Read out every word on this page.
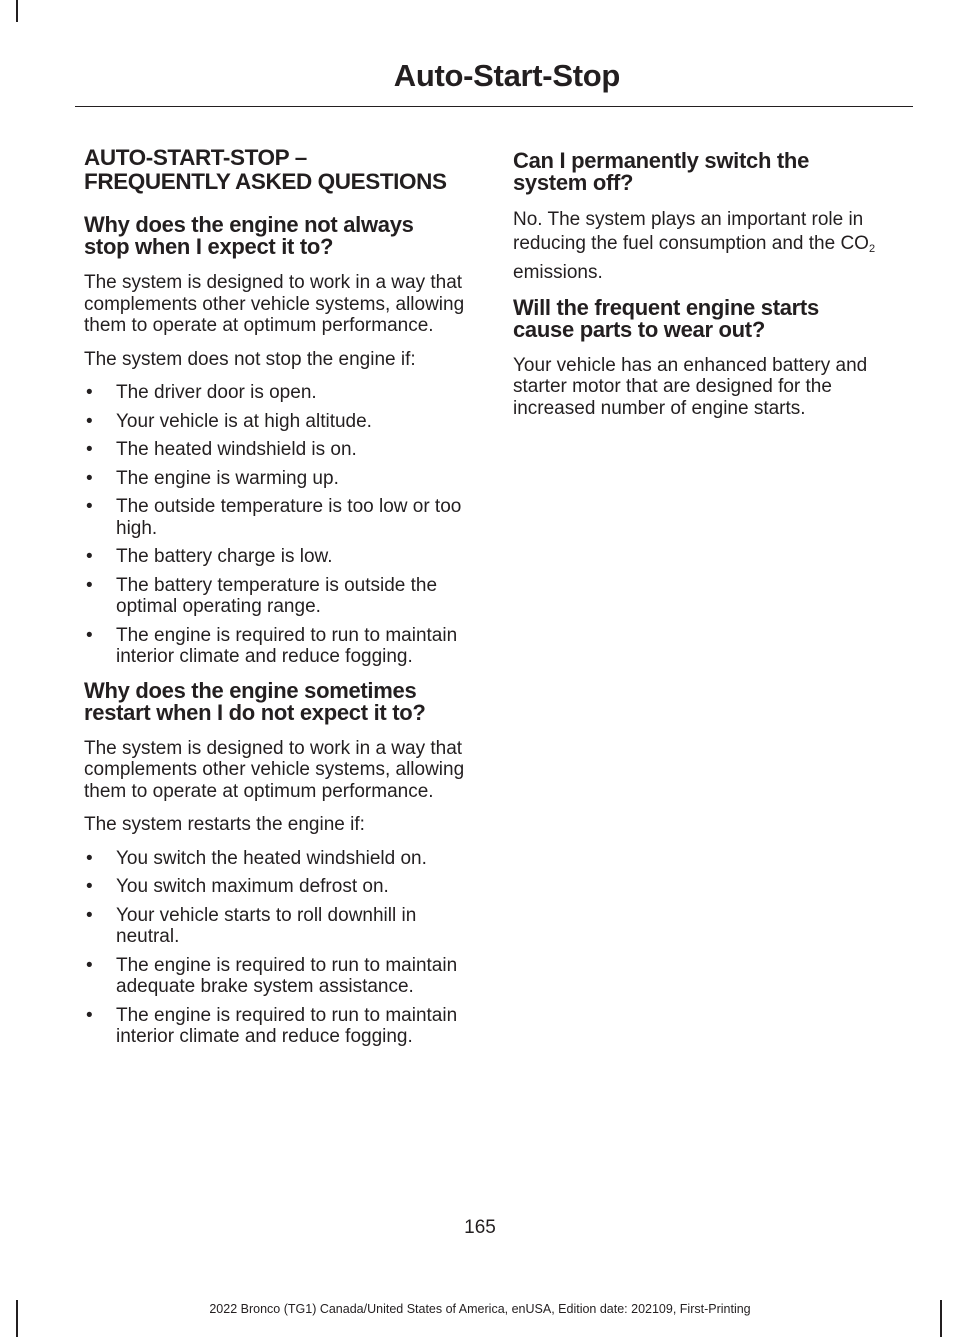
Auto-Start-Stop
AUTO-START-STOP –
FREQUENTLY ASKED QUESTIONS
Why does the engine not always
stop when I expect it to?

The system is designed to work in a way that complements other vehicle systems, allowing them to operate at optimum performance.

The system does not stop the engine if:

• The driver door is open.
• Your vehicle is at high altitude.
• The heated windshield is on.
• The engine is warming up.
• The outside temperature is too low or too high.
• The battery charge is low.
• The battery temperature is outside the optimal operating range.
• The engine is required to run to maintain interior climate and reduce fogging.
Why does the engine sometimes
restart when I do not expect it to?

The system is designed to work in a way that complements other vehicle systems, allowing them to operate at optimum performance.

The system restarts the engine if:

• You switch the heated windshield on.
• You switch maximum defrost on.
• Your vehicle starts to roll downhill in neutral.
• The engine is required to run to maintain adequate brake system assistance.
• The engine is required to run to maintain interior climate and reduce fogging.
Can I permanently switch the
system off?

No. The system plays an important role in reducing the fuel consumption and the $CO_2$ emissions.

Will the frequent engine starts
cause parts to wear out?

Your vehicle has an enhanced battery and starter motor that are designed for the increased number of engine starts.

165
2022 Bronco (TG1) Canada/United States of America, enUSA, Edition date: 202109, First-Printing
